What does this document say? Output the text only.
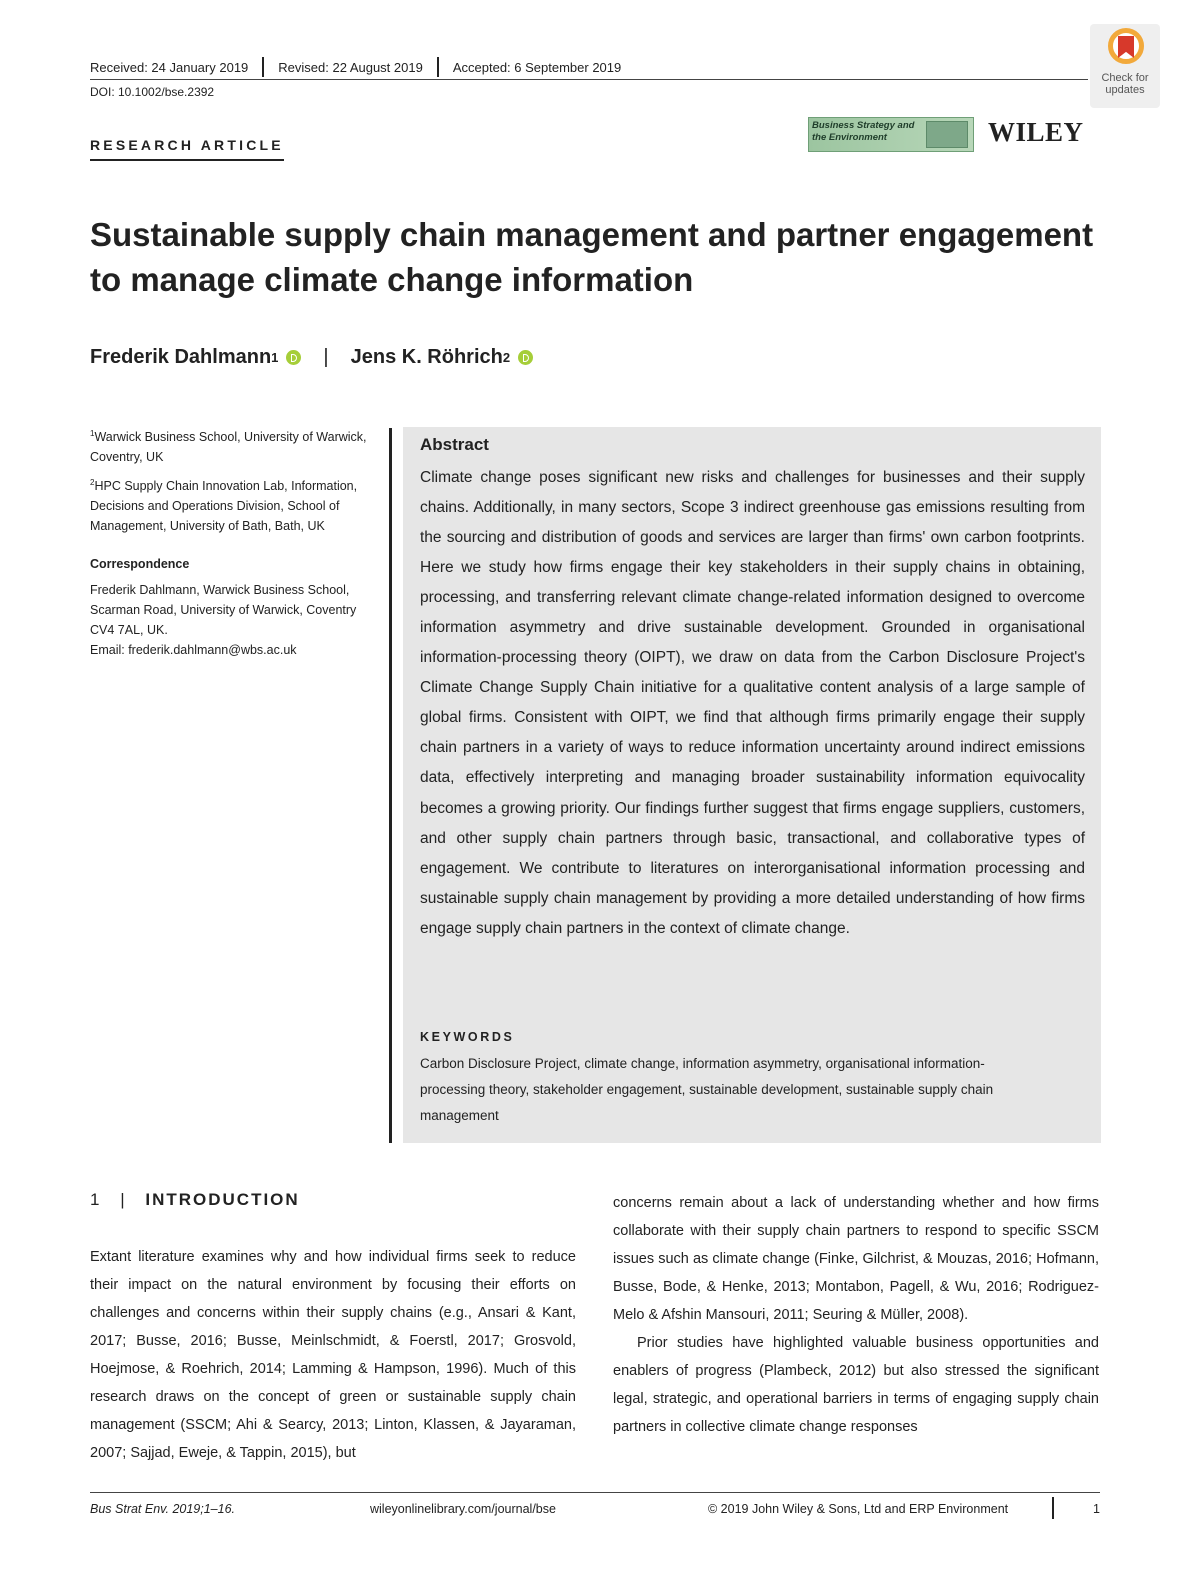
Received: 24 January 2019 Revised: 22 August 2019 Accepted: 6 September 2019
DOI: 10.1002/bse.2392
Check for updates
RESEARCH ARTICLE
Business Strategy and the Environment	WILEY
Sustainable supply chain management and partner engagement to manage climate change information
Frederik Dahlmann 1 | Jens K. Röhrich 2

$^1$Warwick Business School, University of Warwick, Coventry, UK

$^2$HPC Supply Chain Innovation Lab, Information, Decisions and Operations Division, School of Management, University of Bath, Bath, UK

Correspondence

Frederik Dahlmann, Warwick Business School, Scarman Road, University of Warwick, Coventry CV4 7AL, UK.

Email: frederik.dahlmann@wbs.ac.uk

Abstract
Climate change poses significant new risks and challenges for businesses and their supply chains. Additionally, in many sectors, Scope 3 indirect greenhouse gas emissions resulting from the sourcing and distribution of goods and services are larger than firms' own carbon footprints. Here we study how firms engage their key stakeholders in their supply chains in obtaining, processing, and transferring relevant climate change-related information designed to overcome information asymmetry and drive sustainable development. Grounded in organisational information-processing theory (OIPT), we draw on data from the Carbon Disclosure Project's Climate Change Supply Chain initiative for a qualitative content analysis of a large sample of global firms. Consistent with OIPT, we find that although firms primarily engage their supply chain partners in a variety of ways to reduce information uncertainty around indirect emissions data, effectively interpreting and managing broader sustainability information equivocality becomes a growing priority. Our findings further suggest that firms engage suppliers, customers, and other supply chain partners through basic, transactional, and collaborative types of engagement. We contribute to literatures on interorganisational information processing and sustainable supply chain management by providing a more detailed understanding of how firms engage supply chain partners in the context of climate change.
KEYWORDS
Carbon Disclosure Project, climate change, information asymmetry, organisational information-processing theory, stakeholder engagement, sustainable development, sustainable supply chain management
1 | INTRODUCTION
Extant literature examines why and how individual firms seek to reduce their impact on the natural environment by focusing their efforts on challenges and concerns within their supply chains (e.g., Ansari & Kant, 2017; Busse, 2016; Busse, Meinlschmidt, & Foerstl, 2017; Grosvold, Hoejmose, & Roehrich, 2014; Lamming & Hampson, 1996). Much of this research draws on the concept of green or sustainable supply chain management (SSCM; Ahi & Searcy, 2013; Linton, Klassen, & Jayaraman, 2007; Sajjad, Eweje, & Tappin, 2015), but

concerns remain about a lack of understanding whether and how firms collaborate with their supply chain partners to respond to specific SSCM issues such as climate change (Finke, Gilchrist, & Mouzas, 2016; Hofmann, Busse, Bode, & Henke, 2013; Montabon, Pagell, & Wu, 2016; Rodriguez-Melo & Afshin Mansouri, 2011; Seuring & Müller, 2008).

Prior studies have highlighted valuable business opportunities and enablers of progress (Plambeck, 2012) but also stressed the significant legal, strategic, and operational barriers in terms of engaging supply chain partners in collective climate change responses

Bus Strat Env. 2019;1–16.	wileyonlinelibrary.com/journal/bse	© 2019 John Wiley & Sons, Ltd and ERP Environment	1
